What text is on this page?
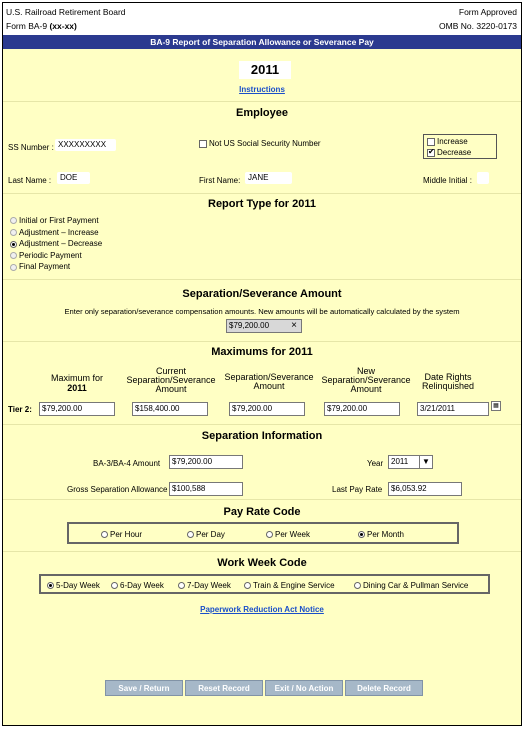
U.S. Railroad Retirement Board
Form BA-9 (xx-xx)
Form Approved
OMB No. 3220-0173
BA-9 Report of Separation Allowance or Severance Pay
2011
Instructions
Employee
SS Number : XXXXXXXXX	Not US Social Security Number	Increase
✔Decrease
Last Name :	DOE	First Name: JANE	Middle Initial :
Report Type for 2011
Initial or First Payment
Adjustment – Increase
Adjustment – Decrease
Periodic Payment
Final Payment
Separation/Severance Amount
Enter only separation/severance compensation amounts. New amounts will be automatically calculated by the system
$79,200.00 ×
Maximums for 2011
Maximum for
2011
Current Separation/Severance Amount
Separation/Severance Amount
New Separation/Severance Amount
Date Rights Relinquished
Tier 2:	$79,200.00	$158,400.00	$79,200.00	$79,200.00	3/21/2011	▦
Separation Information
BA-3/BA-4 Amount	$79,200.00	Year 2011	▼
Gross Separation Allowance $100,588	Last Pay Rate	$6,053.92
Pay Rate Code
Per Hour	Per Day	Per Week	Per Month
Work Week Code
5-Day Week	6-Day Week	7-Day Week	Train & Engine Service	Dining Car & Pullman Service
Paperwork Reduction Act Notice
Save / Return	Reset Record	Exit / No Action	Delete Record
